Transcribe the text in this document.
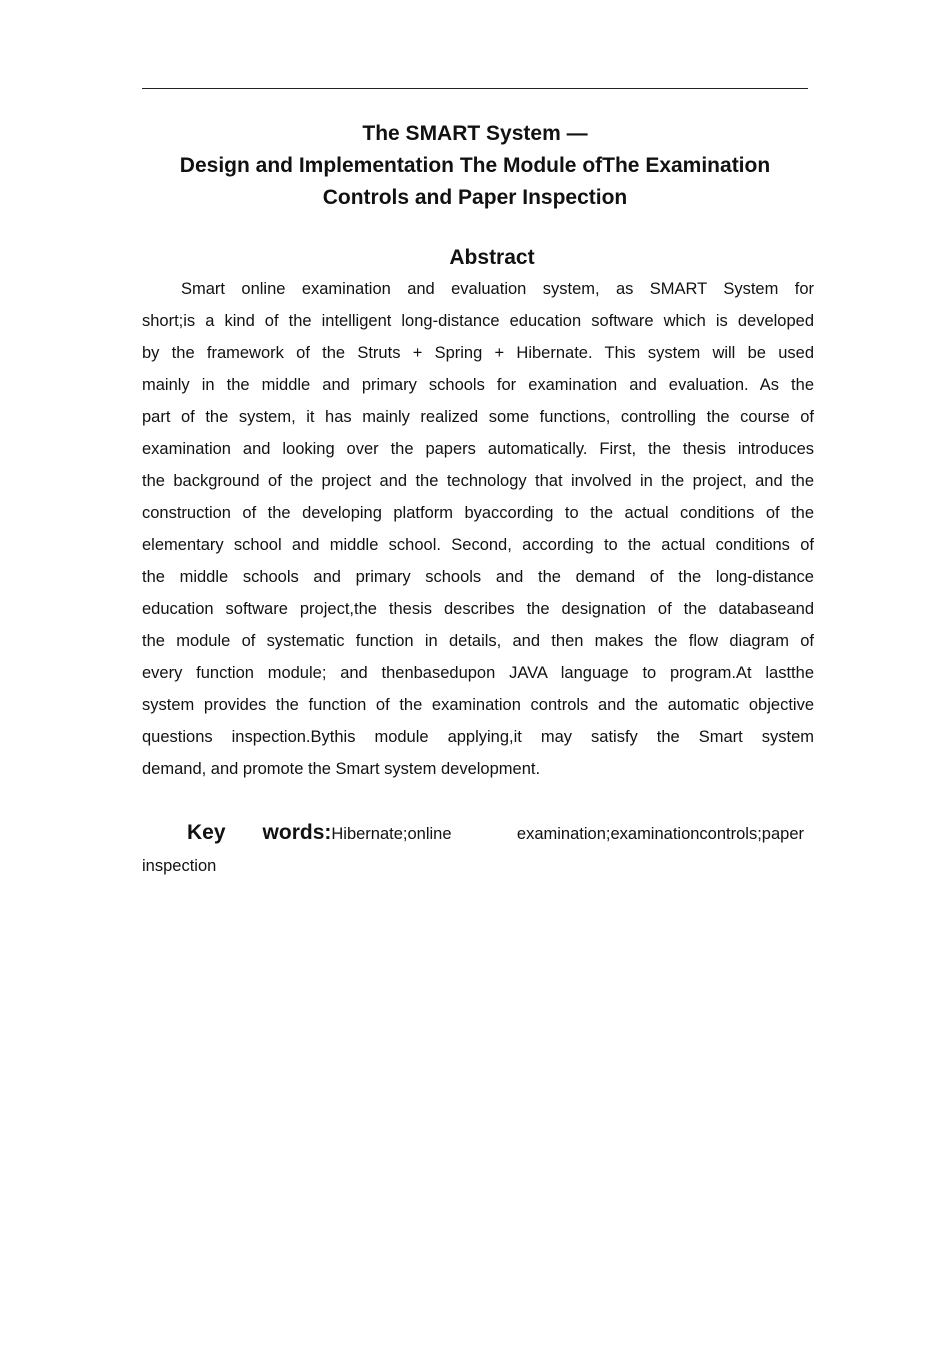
The SMART System —
Design and Implementation The Module ofThe Examination
Controls and Paper Inspection
Abstract
Smart online examination and evaluation system, as SMART System for
short;is a kind of the intelligent long-distance education software which is developed
by the framework of the Struts + Spring + Hibernate. This system will be used
mainly in the middle and primary schools for examination and evaluation. As the
part of the system, it has mainly realized some functions, controlling the course of
examination and looking over the papers automatically. First, the thesis introduces
the background of the project and the technology that involved in the project, and the
construction of the developing platform byaccording to the actual conditions of the
elementary school and middle school. Second, according to the actual conditions of
the middle schools and primary schools and the demand of the long-distance
education software project,the thesis describes the designation of the databaseand
the module of systematic function in details, and then makes the flow diagram of
every function module; and thenbasedupon JAVA language to program.At lastthe
system provides the function of the examination controls and the automatic objective
questions inspection.Bythis module applying,it may satisfy the Smart system
demand, and promote the Smart system development.
Key words: Hibernate;online	examination;examinationcontrols;paper
inspection
